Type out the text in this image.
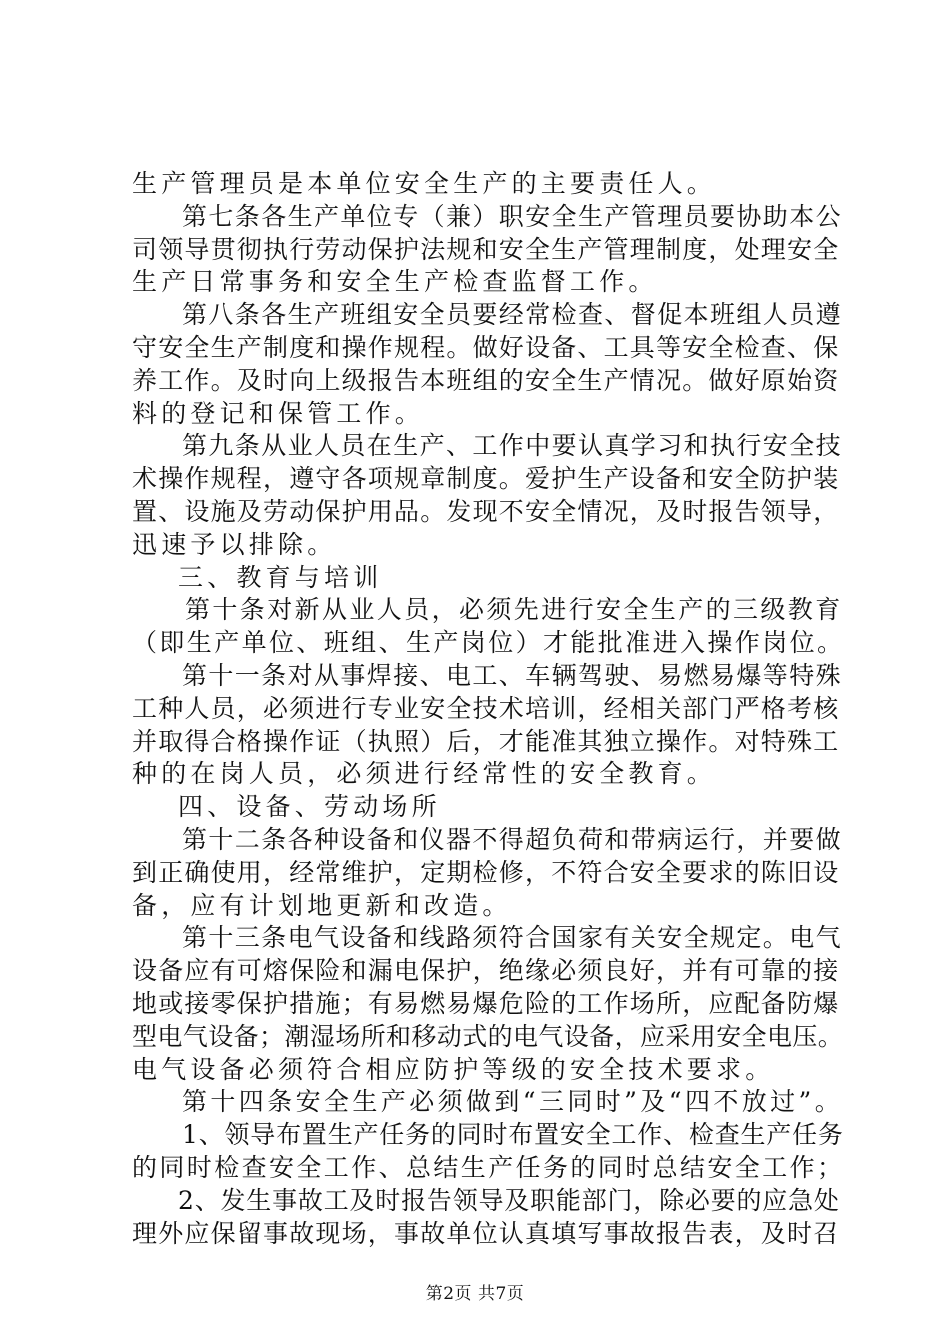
生产管理员是本单位安全生产的主要责任人。
第七条各生产单位专（兼）职安全生产管理员要协助本公
司领导贯彻执行劳动保护法规和安全生产管理制度，处理安全
生产日常事务和安全生产检查监督工作。
第八条各生产班组安全员要经常检查、督促本班组人员遵
守安全生产制度和操作规程。做好设备、工具等安全检查、保
养工作。及时向上级报告本班组的安全生产情况。做好原始资
料的登记和保管工作。
第九条从业人员在生产、工作中要认真学习和执行安全技
术操作规程，遵守各项规章制度。爱护生产设备和安全防护装
置、设施及劳动保护用品。发现不安全情况，及时报告领导，
迅速予以排除。
三、教育与培训
第十条对新从业人员，必须先进行安全生产的三级教育
（即生产单位、班组、生产岗位）才能批准进入操作岗位。
第十一条对从事焊接、电工、车辆驾驶、易燃易爆等特殊
工种人员，必须进行专业安全技术培训，经相关部门严格考核
并取得合格操作证（执照）后，才能准其独立操作。对特殊工
种的在岗人员，必须进行经常性的安全教育。
四、设备、劳动场所
第十二条各种设备和仪器不得超负荷和带病运行，并要做
到正确使用，经常维护，定期检修，不符合安全要求的陈旧设
备，应有计划地更新和改造。
第十三条电气设备和线路须符合国家有关安全规定。电气
设备应有可熔保险和漏电保护，绝缘必须良好，并有可靠的接
地或接零保护措施；有易燃易爆危险的工作场所，应配备防爆
型电气设备；潮湿场所和移动式的电气设备，应采用安全电压。
电气设备必须符合相应防护等级的安全技术要求。
第十四条安全生产必须做到“三同时”及“四不放过”。
1、领导布置生产任务的同时布置安全工作、检查生产任务
的同时检查安全工作、总结生产任务的同时总结安全工作；
2、发生事故工及时报告领导及职能部门，除必要的应急处
理外应保留事故现场，事故单位认真填写事故报告表，及时召
第2页 共7页
